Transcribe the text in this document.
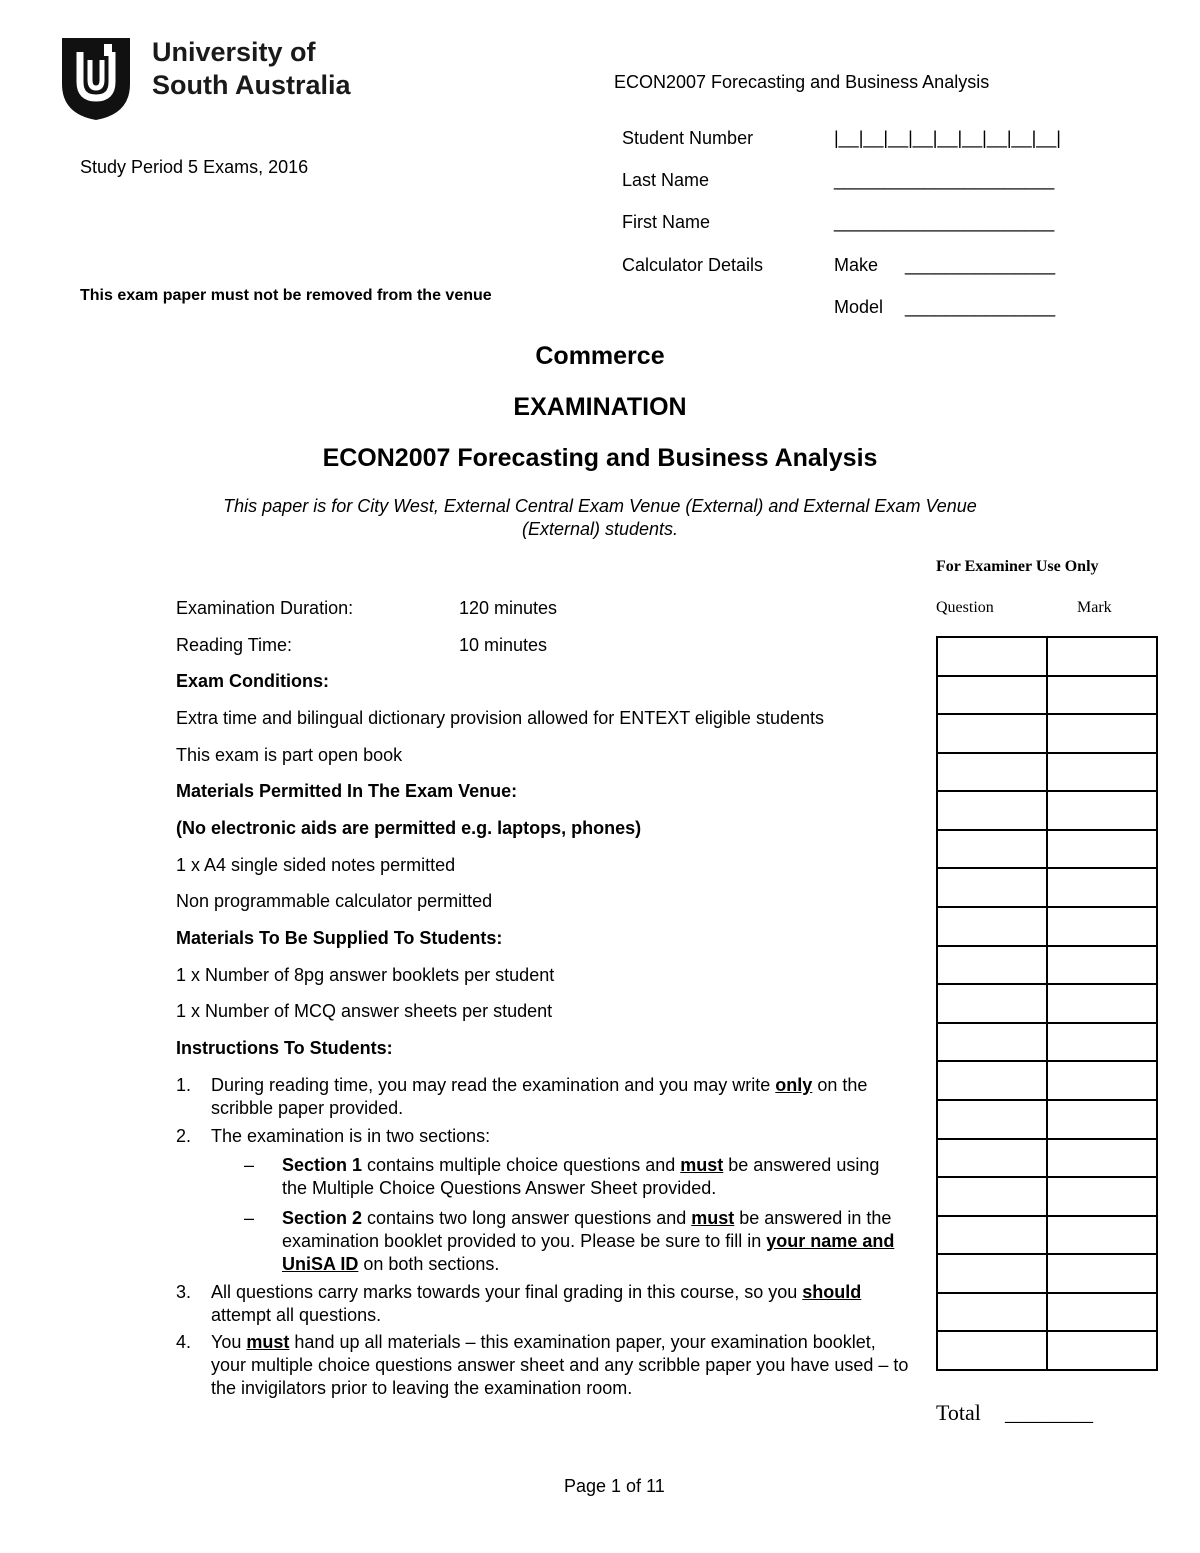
University of
South Australia	ECON2007 Forecasting and Business Analysis
Study Period 5 Exams, 2016
This exam paper must not be removed from the venue
Student Number	|__|__|__|__|__|__|__|__|__|
Last Name	______________________
First Name	______________________
Calculator Details	Make _______________
Model _______________
Commerce
EXAMINATION
ECON2007 Forecasting and Business Analysis
This paper is for City West, External Central Exam Venue (External) and External Exam Venue
(External) students.
Examination Duration:	120 minutes
Reading Time:	10 minutes
Exam Conditions:
Extra time and bilingual dictionary provision allowed for ENTEXT eligible students
This exam is part open book
Materials Permitted In The Exam Venue:
(No electronic aids are permitted e.g. laptops, phones)
1 x A4 single sided notes permitted
Non programmable calculator permitted
Materials To Be Supplied To Students:
1 x Number of 8pg answer booklets per student
1 x Number of MCQ answer sheets per student
Instructions To Students:
1. During reading time, you may read the examination and you may write only on the scribble paper provided.
2. The examination is in two sections:
– Section 1 contains multiple choice questions and must be answered using the Multiple Choice Questions Answer Sheet provided.
– Section 2 contains two long answer questions and must be answered in the examination booklet provided to you. Please be sure to fill in your name and UniSA ID on both sections.
3. All questions carry marks towards your final grading in this course, so you should attempt all questions.
4. You must hand up all materials – this examination paper, your examination booklet, your multiple choice questions answer sheet and any scribble paper you have used – to the invigilators prior to leaving the examination room.
For Examiner Use Only
Question	Mark

Total ________
Page 1 of 11
